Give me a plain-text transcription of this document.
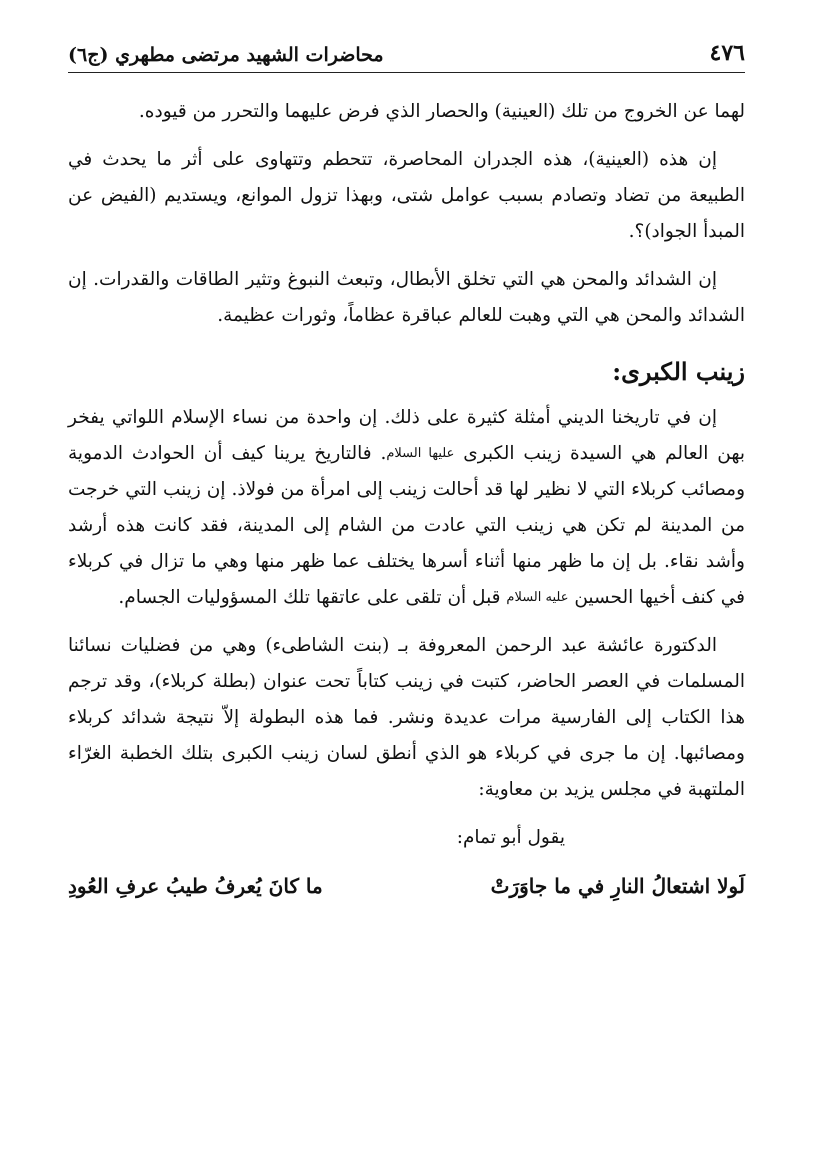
٤٧٦
محاضرات الشهيد مرتضى مطهري (ج٦)

لهما عن الخروج من تلك (العينية) والحصار الذي فرض عليهما والتحرر من قيوده.

إن هذه (العينية)، هذه الجدران المحاصرة، تتحطم وتتهاوى على أثر ما يحدث في الطبيعة من تضاد وتصادم بسبب عوامل شتى، وبهذا تزول الموانع، ويستديم (الفيض عن المبدأ الجواد)؟.

إن الشدائد والمحن هي التي تخلق الأبطال، وتبعث النبوغ وتثير الطاقات والقدرات. إن الشدائد والمحن هي التي وهبت للعالم عباقرة عظاماً، وثورات عظيمة.

زينب الكبرى:

إن في تاريخنا الديني أمثلة كثيرة على ذلك. إن واحدة من نساء الإسلام اللواتي يفخر بهن العالم هي السيدة زينب الكبرى عليها السلام. فالتاريخ يرينا كيف أن الحوادث الدموية ومصائب كربلاء التي لا نظير لها قد أحالت زينب إلى امرأة من فولاذ. إن زينب التي خرجت من المدينة لم تكن هي زينب التي عادت من الشام إلى المدينة، فقد كانت هذه أرشد وأشد نقاء. بل إن ما ظهر منها أثناء أسرها يختلف عما ظهر منها وهي ما تزال في كربلاء في كنف أخيها الحسين عليه السلام قبل أن تلقى على عاتقها تلك المسؤوليات الجسام.

الدكتورة عائشة عبد الرحمن المعروفة بـ (بنت الشاطىء) وهي من فضليات نسائنا المسلمات في العصر الحاضر، كتبت في زينب كتاباً تحت عنوان (بطلة كربلاء)، وقد ترجم هذا الكتاب إلى الفارسية مرات عديدة ونشر. فما هذه البطولة إلاّ نتيجة شدائد كربلاء ومصائبها. إن ما جرى في كربلاء هو الذي أنطق لسان زينب الكبرى بتلك الخطبة الغرّاء الملتهبة في مجلس يزيد بن معاوية:

يقول أبو تمام:
لَولا اشتعالُ النارِ في ما جاوَرَتْ
ما كانَ يُعرفُ طيبُ عرفِ العُودِ
